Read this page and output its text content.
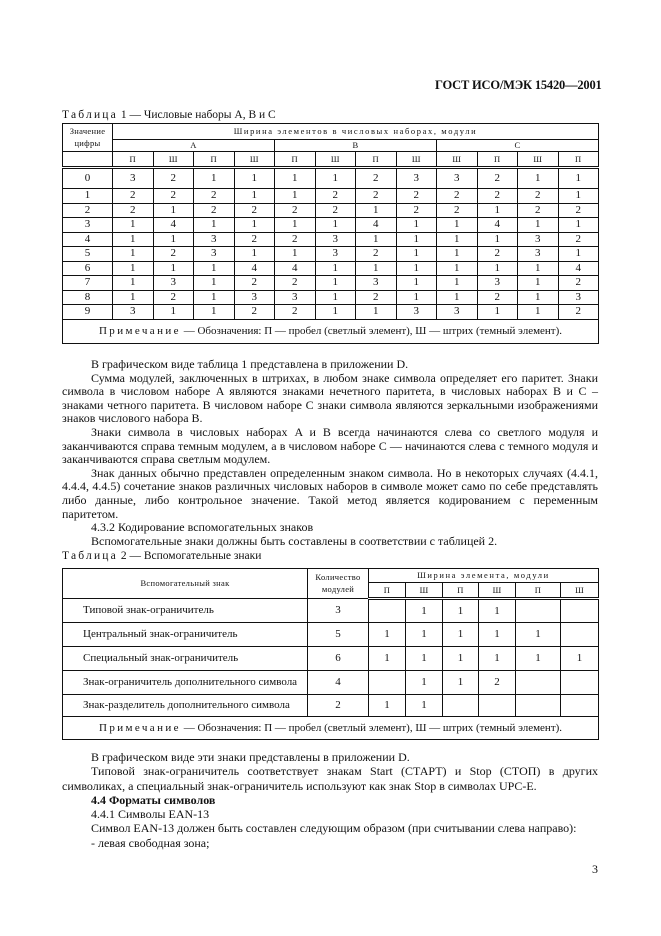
ГОСТ ИСО/МЭК 15420—2001
Таблица 1 — Числовые наборы A, B и C
Значение цифры	Ширина элементов в числовых наборах, модули											
	A				B				C			
	П	Ш	П	Ш	П	Ш	П	Ш	Ш	П	Ш	П
0	3	2	1	1	1	1	2	3	3	2	1	1
1	2	2	2	1	1	2	2	2	2	2	2	1
2	2	1	2	2	2	2	1	2	2	1	2	2
3	1	4	1	1	1	1	4	1	1	4	1	1
4	1	1	3	2	2	3	1	1	1	1	3	2
5	1	2	3	1	1	3	2	1	1	2	3	1
6	1	1	1	4	4	1	1	1	1	1	1	4
7	1	3	1	2	2	1	3	1	1	3	1	2
8	1	2	1	3	3	1	2	1	1	2	1	3
9	3	1	1	2	2	1	1	3	3	1	1	2
Примечание — Обозначения: П — пробел (светлый элемент), Ш — штрих (темный элемент).												

В графическом виде таблица 1 представлена в приложении D.

Сумма модулей, заключенных в штрихах, в любом знаке символа определяет его паритет. Знаки символа в числовом наборе A являются знаками нечетного паритета, в числовых наборах B и C – знаками четного паритета. В числовом наборе C знаки символа являются зеркальными изображениями знаков числового набора B.

Знаки символа в числовых наборах A и B всегда начинаются слева со светлого модуля и заканчиваются справа темным модулем, а в числовом наборе C — начинаются слева с темного модуля и заканчиваются справа светлым модулем.

Знак данных обычно представлен определенным знаком символа. Но в некоторых случаях (4.4.1, 4.4.4, 4.4.5) сочетание знаков различных числовых наборов в символе может само по себе представлять либо данные, либо контрольное значение. Такой метод является кодированием с переменным паритетом.

4.3.2 Кодирование вспомогательных знаков

Вспомогательные знаки должны быть составлены в соответствии с таблицей 2.

Таблица 2 — Вспомогательные знаки
Вспомогательный знак	Количество модулей	Ширина элемента, модули					
		П	Ш	П	Ш	П	Ш
Типовой знак-ограничитель	3		1	1	1		
Центральный знак-ограничитель	5	1	1	1	1	1	
Специальный знак-ограничитель	6	1	1	1	1	1	1
Знак-ограничитель дополнительного символа	4		1	1	2		
Знак-разделитель дополнительного символа	2	1	1				
Примечание — Обозначения: П — пробел (светлый элемент), Ш — штрих (темный элемент).							

В графическом виде эти знаки представлены в приложении D.

Типовой знак-ограничитель соответствует знакам Start (СТАРТ) и Stop (СТОП) в других символиках, а специальный знак-ограничитель используют как знак Stop в символах UPC-E.

4.4 Форматы символов

4.4.1 Символы EAN-13

Символ EAN-13 должен быть составлен следующим образом (при считывании слева направо):

- левая свободная зона;

3
